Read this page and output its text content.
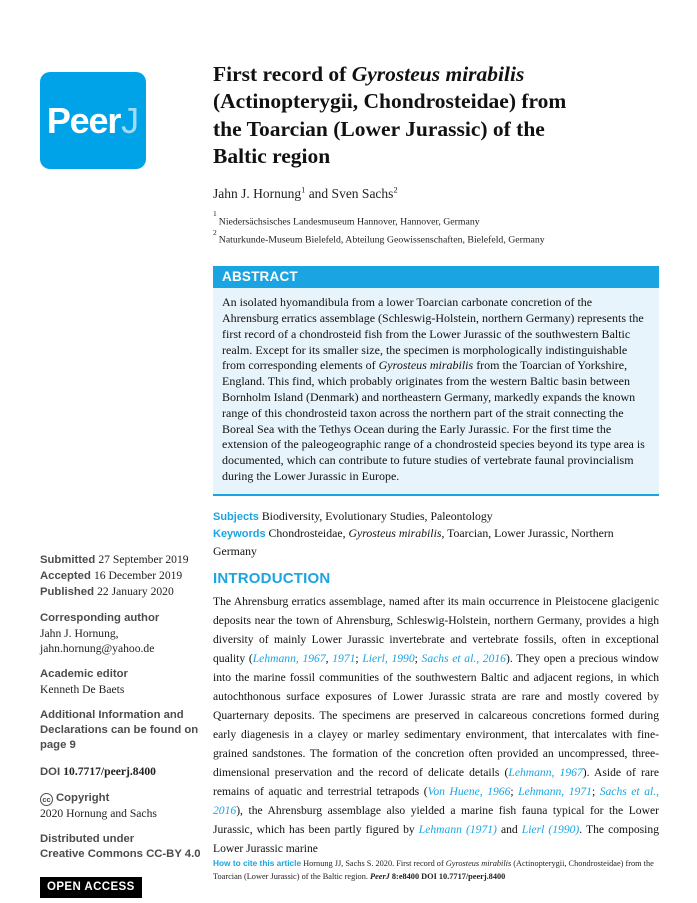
Peer J
Submitted 27 September 2019
Accepted 16 December 2019
Published 22 January 2020
Corresponding author
Jahn J. Hornung,
jahn.hornung@yahoo.de
Academic editor
Kenneth De Baets
Additional Information and Declarations can be found on page 9
DOI 10.7717/peerj.8400
cc Copyright
2020 Hornung and Sachs
Distributed under
Creative Commons CC-BY 4.0
OPEN ACCESS
First record of Gyrosteus mirabilis
(Actinopterygii, Chondrosteidae) from
the Toarcian (Lower Jurassic) of the
Baltic region
Jahn J. Hornung$^1$ and Sven Sachs$^2$
$^1$Niedersächsisches Landesmuseum Hannover, Hannover, Germany
$^2$Naturkunde-Museum Bielefeld, Abteilung Geowissenschaften, Bielefeld, Germany
ABSTRACT
An isolated hyomandibula from a lower Toarcian carbonate concretion of the Ahrensburg erratics assemblage (Schleswig-Holstein, northern Germany) represents the first record of a chondrosteid fish from the Lower Jurassic of the southwestern Baltic realm. Except for its smaller size, the specimen is morphologically indistinguishable from corresponding elements of Gyrosteus mirabilis from the Toarcian of Yorkshire, England. This find, which probably originates from the western Baltic basin between Bornholm Island (Denmark) and northeastern Germany, markedly expands the known range of this chondrosteid taxon across the northern part of the strait connecting the Boreal Sea with the Tethys Ocean during the Early Jurassic. For the first time the extension of the paleogeographic range of a chondrosteid species beyond its type area is documented, which can contribute to future studies of vertebrate faunal provincialism during the Lower Jurassic in Europe.
Subjects Biodiversity, Evolutionary Studies, Paleontology
Keywords Chondrosteidae, Gyrosteus mirabilis, Toarcian, Lower Jurassic, Northern Germany
INTRODUCTION

The Ahrensburg erratics assemblage, named after its main occurrence in Pleistocene glacigenic deposits near the town of Ahrensburg, Schleswig-Holstein, northern Germany, provides a high diversity of mainly Lower Jurassic invertebrate and vertebrate fossils, often in exceptional quality (Lehmann, 1967, 1971; Lierl, 1990; Sachs et al., 2016). They open a precious window into the marine fossil communities of the southwestern Baltic and adjacent regions, in which autochthonous surface exposures of Lower Jurassic strata are rare and mostly covered by Quarternary deposits. The specimens are preserved in calcareous concretions formed during early diagenesis in a clayey or marley sedimentary environment, that intercalates with fine-grained sandstones. The formation of the concretion often provided an uncompressed, three-dimensional preservation and the record of delicate details (Lehmann, 1967). Aside of rare remains of aquatic and terrestrial tetrapods (Von Huene, 1966; Lehmann, 1971; Sachs et al., 2016), the Ahrensburg assemblage also yielded a marine fish fauna typical for the Lower Jurassic, which has been partly figured by Lehmann (1971) and Lierl (1990). The composing Lower Jurassic marine

How to cite this article Hornung JJ, Sachs S. 2020. First record of Gyrosteus mirabilis (Actinopterygii, Chondrosteidae) from the Toarcian (Lower Jurassic) of the Baltic region. PeerJ 8:e8400 DOI 10.7717/peerj.8400
